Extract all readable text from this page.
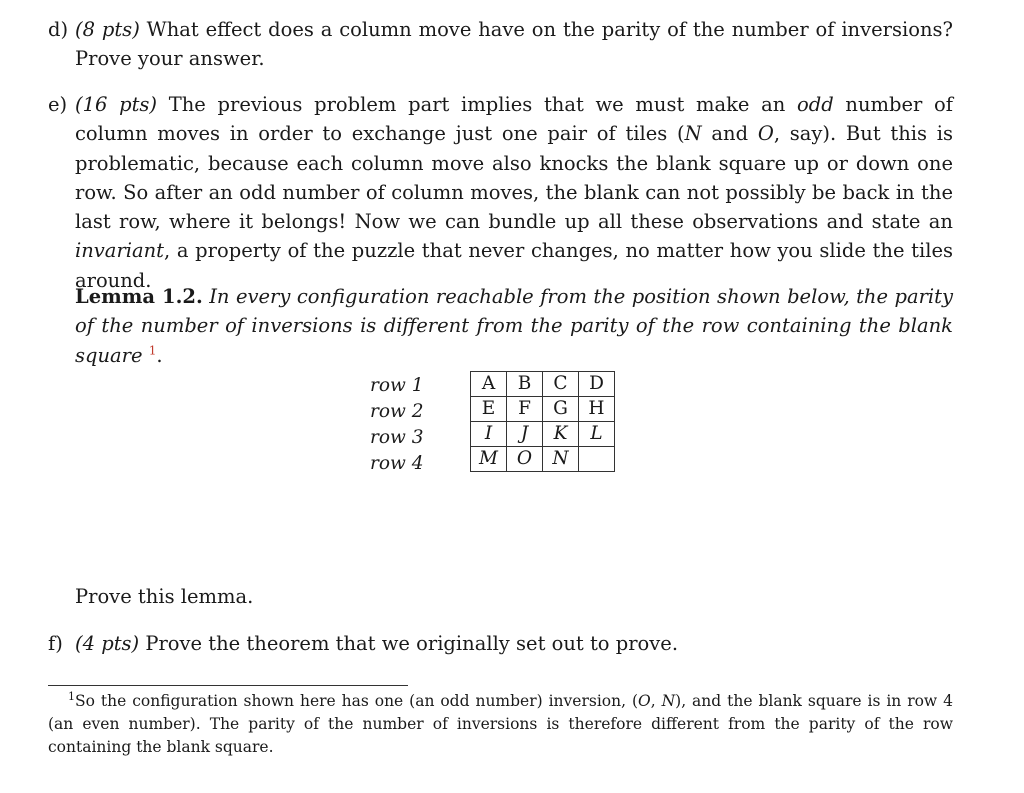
d) (8 pts) What effect does a column move have on the parity of the number of inversions? Prove your answer.
e) (16 pts) The previous problem part implies that we must make an odd number of column moves in order to exchange just one pair of tiles (N and O, say). But this is problematic, because each column move also knocks the blank square up or down one row. So after an odd number of column moves, the blank can not possibly be back in the last row, where it belongs! Now we can bundle up all these observations and state an invariant, a property of the puzzle that never changes, no matter how you slide the tiles around.
Lemma 1.2. In every configuration reachable from the position shown below, the parity of the number of inversions is different from the parity of the row containing the blank square $^1$.
row 1
row 2
row 3
row 4
A	B	C	D
E	F	G	H
I	J	K	L
M	O	N	
Prove this lemma.
f) (4 pts) Prove the theorem that we originally set out to prove.
$^1$So the configuration shown here has one (an odd number) inversion, (O, N), and the blank square is in row 4 (an even number). The parity of the number of inversions is therefore different from the parity of the row containing the blank square.
